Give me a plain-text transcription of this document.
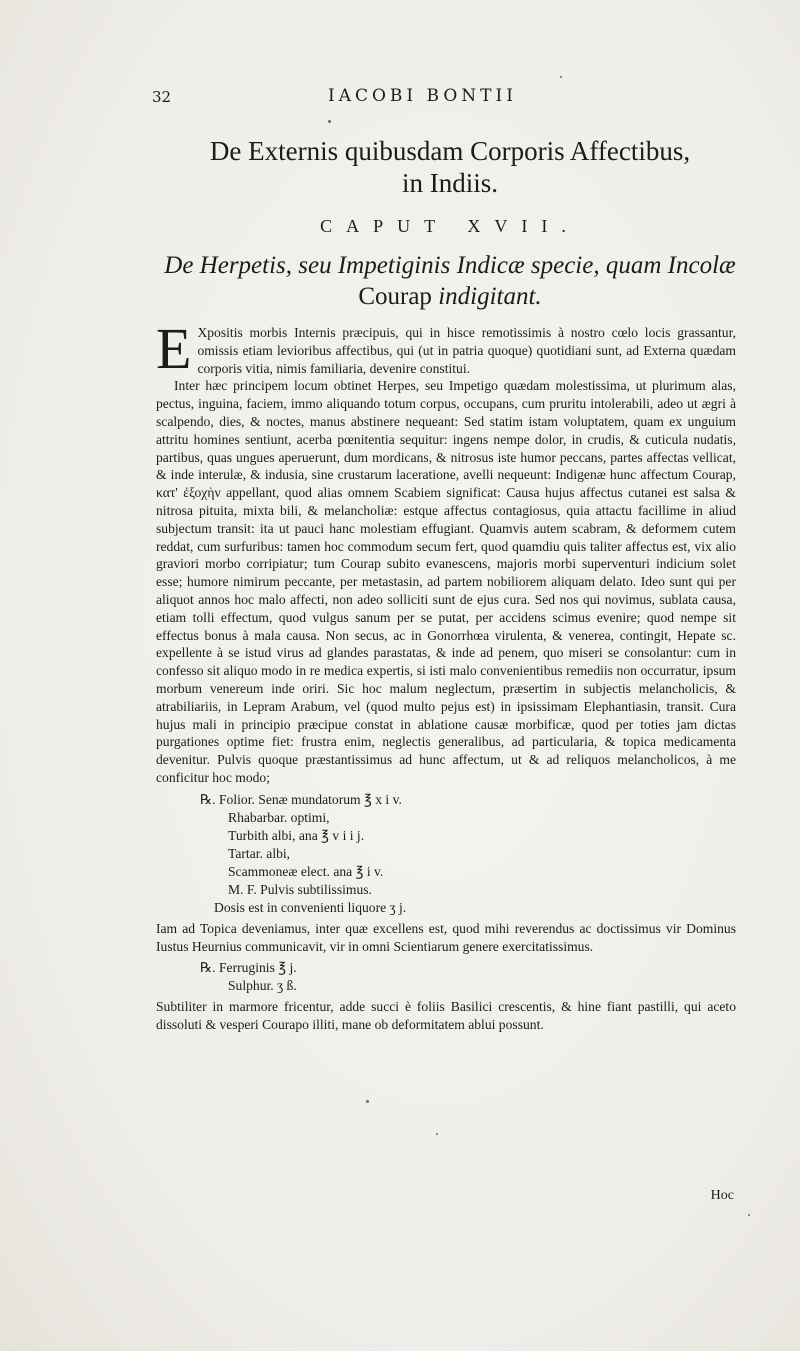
32	IACOBI BONTII
De Externis quibusdam Corporis Affectibus,
in Indiis.
CAPUT XVII.
De Herpetis, seu Impetiginis Indicæ specie, quam Incolæ
Courap indigitant.

E Xpositis morbis Internis præcipuis, qui in hisce remotissimis à nostro cœlo locis grassantur, omissis etiam levioribus affectibus, qui (ut in patria quoque) quotidiani sunt, ad Externa quædam corporis vitia, nimis familiaria, devenire constitui.

Inter hæc principem locum obtinet Herpes, seu Impetigo quædam molestissima, ut plurimum alas, pectus, inguina, faciem, immo aliquando totum corpus, occupans, cum pruritu intolerabili, adeo ut ægri à scalpendo, dies, & noctes, manus abstinere nequeant: Sed statim istam voluptatem, quam ex unguium attritu homines sentiunt, acerba pœnitentia sequitur: ingens nempe dolor, in crudis, & cuticula nudatis, partibus, quas ungues aperuerunt, dum mordicans, & nitrosus iste humor peccans, partes affectas vellicat, & inde interulæ, & indusia, sine crustarum laceratione, avelli nequeunt: Indigenæ hunc affectum Courap, κατ' ἐξοχὴν appellant, quod alias omnem Scabiem significat: Causa hujus affectus cutanei est salsa & nitrosa pituita, mixta bili, & melancholiæ: estque affectus contagiosus, quia attactu facillime in aliud subjectum transit: ita ut pauci hanc molestiam effugiant. Quamvis autem scabram, & deformem cutem reddat, cum surfuribus: tamen hoc commodum secum fert, quod quamdiu quis taliter affectus est, vix alio graviori morbo corripiatur; tum Courap subito evanescens, majoris morbi superventuri indicium solet esse; humore nimirum peccante, per metastasin, ad partem nobiliorem aliquam delato. Ideo sunt qui per aliquot annos hoc malo affecti, non adeo solliciti sunt de ejus cura. Sed nos qui novimus, sublata causa, etiam tolli effectum, quod vulgus sanum per se putat, per accidens scimus evenire; quod nempe sit effectus bonus à mala causa. Non secus, ac in Gonorrhœa virulenta, & venerea, contingit, Hepate sc. expellente à se istud virus ad glandes parastatas, & inde ad penem, quo miseri se consolantur: cum in confesso sit aliquo modo in re medica expertis, si isti malo convenientibus remediis non occurratur, ipsum morbum venereum inde oriri. Sic hoc malum neglectum, præsertim in subjectis melancholicis, & atrabiliariis, in Lepram Arabum, vel (quod multo pejus est) in ipsissimam Elephantiasin, transit. Cura hujus mali in principio præcipue constat in ablatione causæ morbificæ, quod per toties jam dictas purgationes optime fiet: frustra enim, neglectis generalibus, ad particularia, & topica medicamenta devenitur. Pulvis quoque præstantissimus ad hunc affectum, ut & ad reliquos melancholicos, à me conficitur hoc modo;

℞. Folior. Senæ mundatorum ℥ x i v.
Rhabarbar. optimi,
Turbith albi, ana ℥ v i i j.
Tartar. albi,
Scammoneæ elect. ana ℥ i v.
M. F. Pulvis subtilissimus.
Dosis est in convenienti liquore ʒ j.

Iam ad Topica deveniamus, inter quæ excellens est, quod mihi reverendus ac doctissimus vir Dominus Iustus Heurnius communicavit, vir in omni Scientiarum genere exercitatissimus.

℞. Ferruginis ℥ j.
Sulphur. ʒ ß.

Subtiliter in marmore fricentur, adde succi è foliis Basilici crescentis, & hine fiant pastilli, qui aceto dissoluti & vesperi Courapo illiti, mane ob deformitatem ablui possunt.

Hoc
